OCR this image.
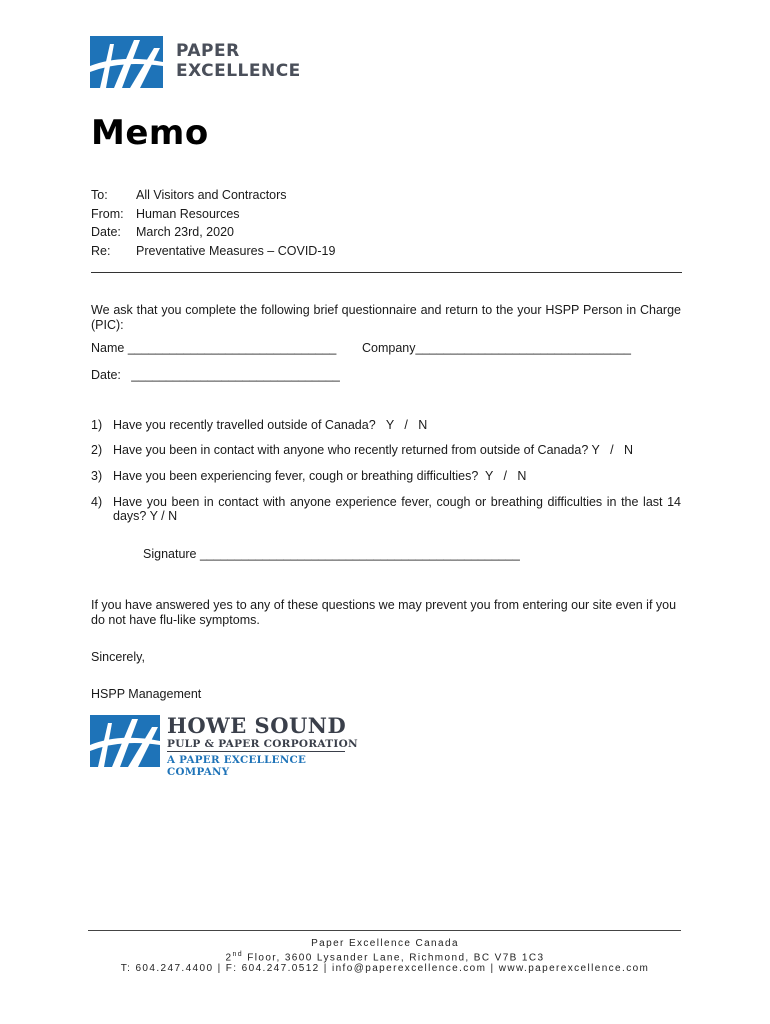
PAPER
EXCELLENCE
Memo
To: All Visitors and Contractors
From: Human Resources
Date: March 23rd, 2020
Re: Preventative Measures – COVID-19
We ask that you complete the following brief questionnaire and return to the your HSPP Person in Charge (PIC):
Name ______________________________ Company_______________________________
Date:   ______________________________
1) Have you recently travelled outside of Canada?   Y   /   N
2) Have you been in contact with anyone who recently returned from outside of Canada? Y   /   N
3) Have you been experiencing fever, cough or breathing difficulties?  Y   /   N
4) Have you been in contact with anyone experience fever, cough or breathing difficulties in the last 14 days? Y / N
Signature ______________________________________________
If you have answered yes to any of these questions we may prevent you from entering our site even if you do not have flu-like symptoms.
Sincerely,
HSPP Management
HOWE SOUND
PULP & PAPER CORPORATION
A PAPER EXCELLENCE COMPANY
Paper Excellence Canada
2nd Floor, 3600 Lysander Lane, Richmond, BC V7B 1C3
T: 604.247.4400 | F: 604.247.0512 | info@paperexcellence.com | www.paperexcellence.com
